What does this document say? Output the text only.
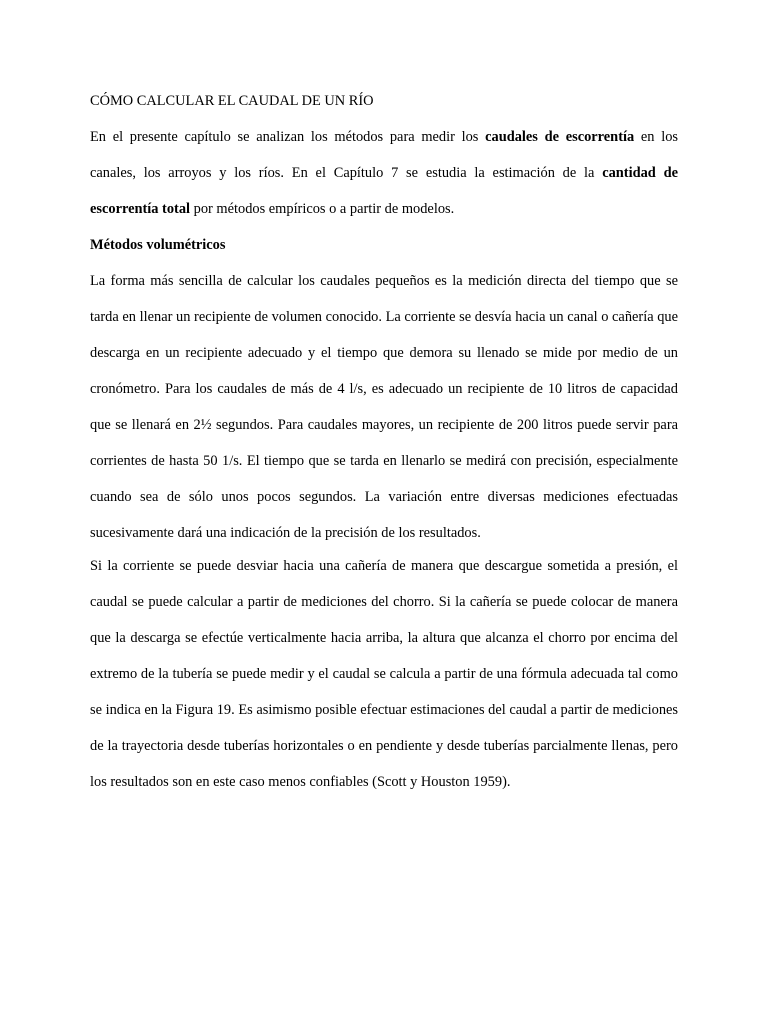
CÓMO CALCULAR EL CAUDAL DE UN RÍO

En el presente capítulo se analizan los métodos para medir los caudales de escorrentía en los canales, los arroyos y los ríos. En el Capítulo 7 se estudia la estimación de la cantidad de escorrentía total por métodos empíricos o a partir de modelos.

Métodos volumétricos

La forma más sencilla de calcular los caudales pequeños es la medición directa del tiempo que se tarda en llenar un recipiente de volumen conocido. La corriente se desvía hacia un canal o cañería que descarga en un recipiente adecuado y el tiempo que demora su llenado se mide por medio de un cronómetro. Para los caudales de más de 4 l/s, es adecuado un recipiente de 10 litros de capacidad que se llenará en 2½ segundos. Para caudales mayores, un recipiente de 200 litros puede servir para corrientes de hasta 50 1/s. El tiempo que se tarda en llenarlo se medirá con precisión, especialmente cuando sea de sólo unos pocos segundos. La variación entre diversas mediciones efectuadas sucesivamente dará una indicación de la precisión de los resultados.

Si la corriente se puede desviar hacia una cañería de manera que descargue sometida a presión, el caudal se puede calcular a partir de mediciones del chorro. Si la cañería se puede colocar de manera que la descarga se efectúe verticalmente hacia arriba, la altura que alcanza el chorro por encima del extremo de la tubería se puede medir y el caudal se calcula a partir de una fórmula adecuada tal como se indica en la Figura 19. Es asimismo posible efectuar estimaciones del caudal a partir de mediciones de la trayectoria desde tuberías horizontales o en pendiente y desde tuberías parcialmente llenas, pero los resultados son en este caso menos confiables (Scott y Houston 1959).
